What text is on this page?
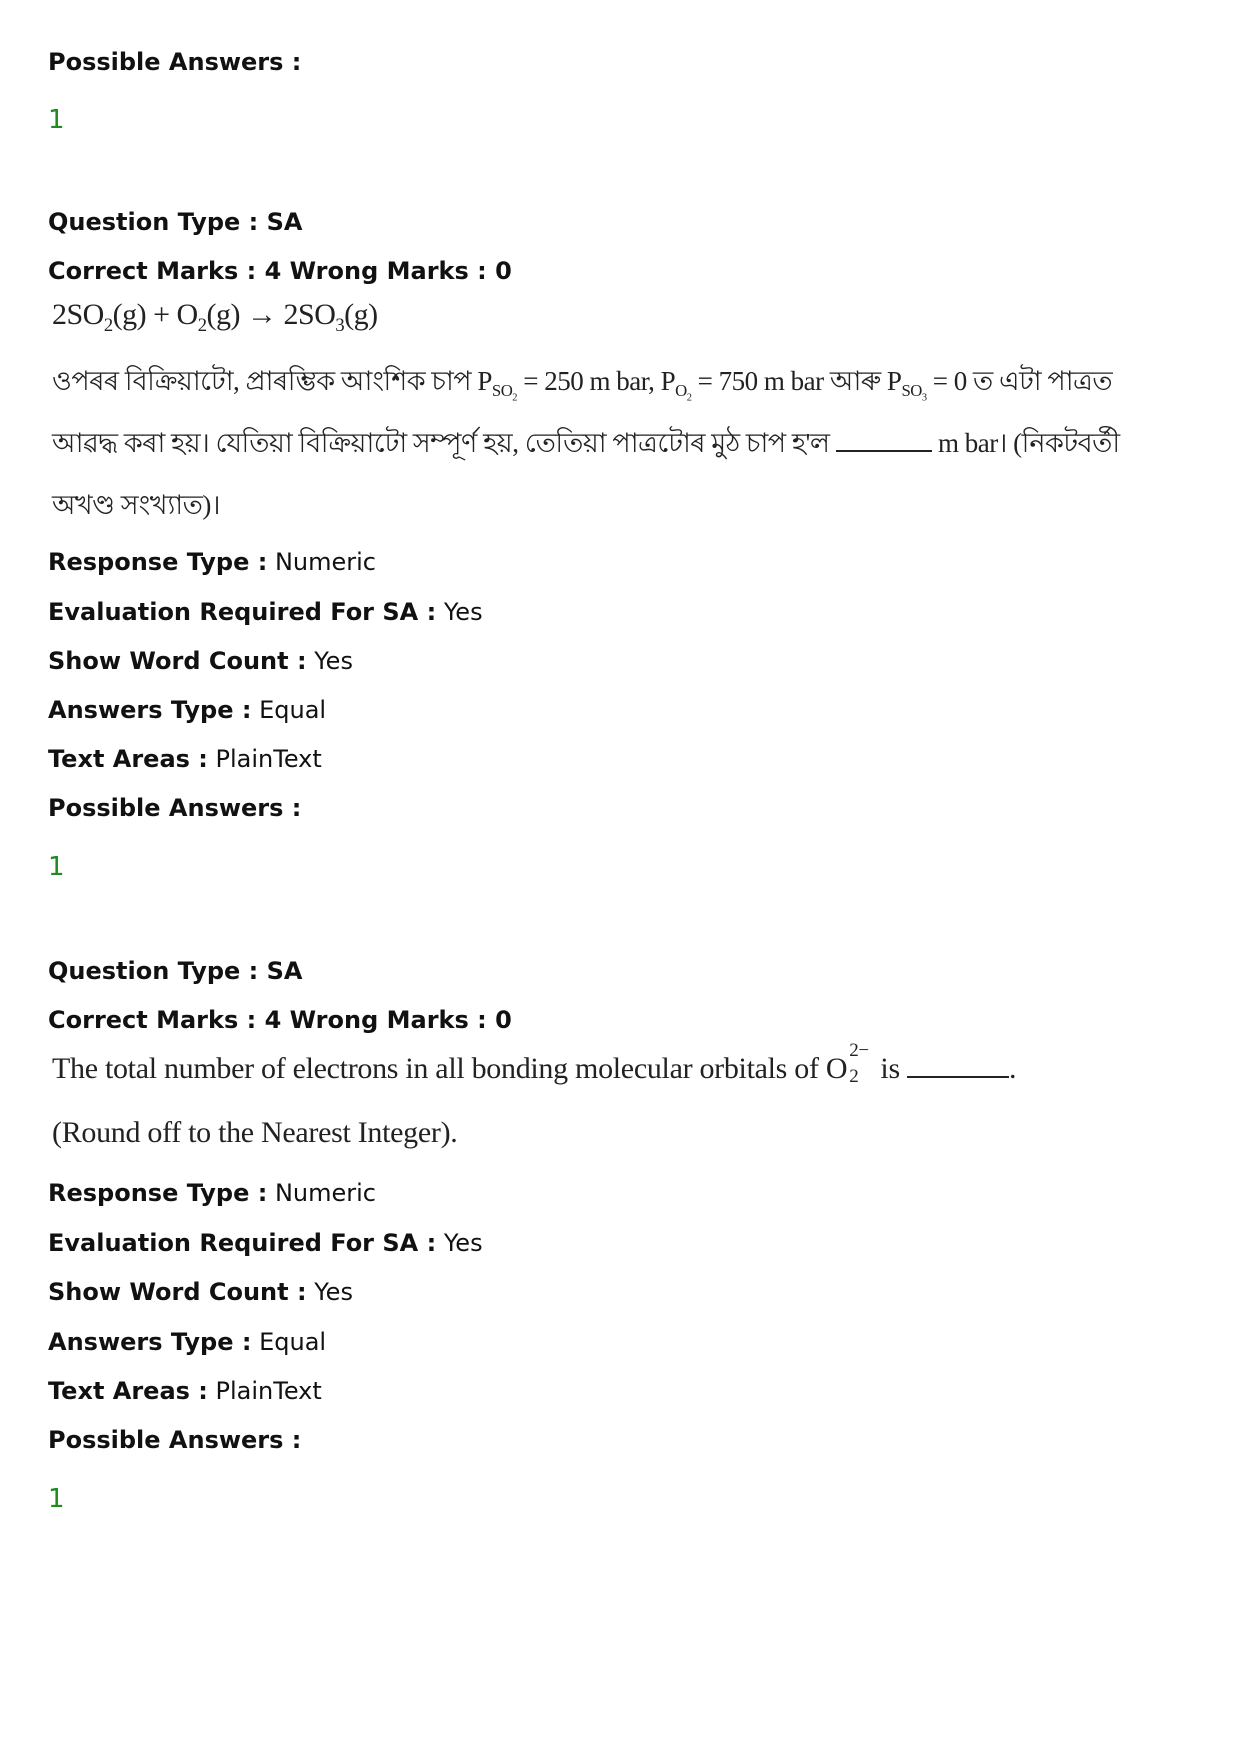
Possible Answers :
1
Question Type : SA
Correct Marks : 4 Wrong Marks : 0
$2SO_2(g) + O_2(g) \to 2SO_3(g)$
ওপৰৰ বিক্ৰিয়াটো, প্ৰাৰম্ভিক আংশিক চাপ $P_{SO_2} = 250$ m bar, $P_{O_2} = 750$ m bar আৰু $P_{SO_3} = 0$ ত এটা পাত্ৰত
আৱদ্ধ কৰা হয়। যেতিয়া বিক্ৰিয়াটো সম্পূৰ্ণ হয়, তেতিয়া পাত্ৰটোৰ মুঠ চাপ হ'ল	m bar। (নিকটবৰ্তী
অখণ্ড সংখ্যাত)।
Response Type : Numeric
Evaluation Required For SA : Yes
Show Word Count : Yes
Answers Type : Equal
Text Areas : PlainText
Possible Answers :
1
Question Type : SA
Correct Marks : 4 Wrong Marks : 0
The total number of electrons in all bonding molecular orbitals of O
2−
2 is	.
(Round off to the Nearest Integer).
Response Type : Numeric
Evaluation Required For SA : Yes
Show Word Count : Yes
Answers Type : Equal
Text Areas : PlainText
Possible Answers :
1
